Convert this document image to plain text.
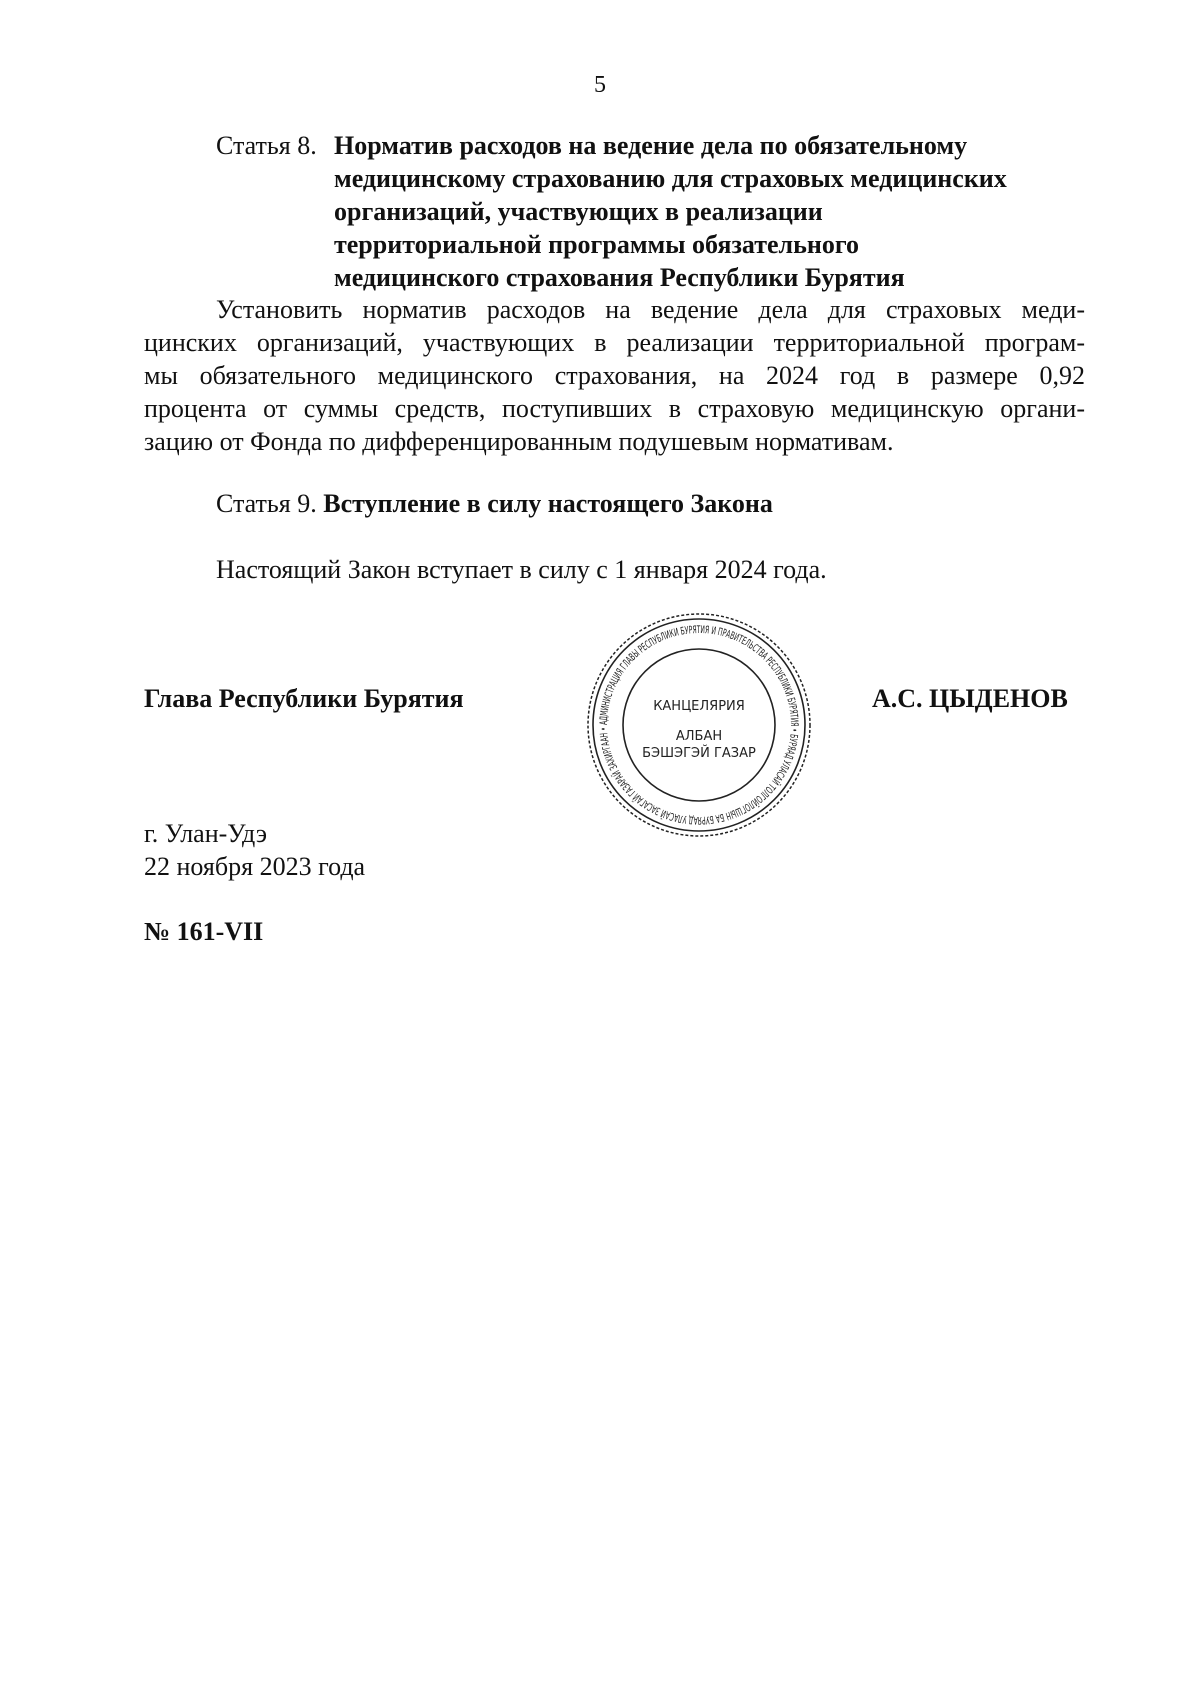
5
Статья 8. Норматив расходов на ведение дела по обязательному
медицинскому страхованию для страховых медицинских
организаций, участвующих в реализации
территориальной программы обязательного
медицинского страхования Республики Бурятия
Установить норматив расходов на ведение дела для страховых меди-
цинских организаций, участвующих в реализации территориальной програм-
мы обязательного медицинского страхования, на 2024 год в размере 0,92
процента от суммы средств, поступивших в страховую медицинскую органи-
зацию от Фонда по дифференцированным подушевым нормативам.
Статья 9. Вступление в силу настоящего Закона
Настоящий Закон вступает в силу с 1 января 2024 года.
Глава Республики Бурятия
АДМИНИСТРАЦИЯ ГЛАВЫ РЕСПУБЛИКИ БУРЯТИЯ И ПРАВИТЕЛЬСТВА РЕСПУБЛИКИ БУРЯТИЯ • БУРЯАД УЛАСАЙ ТОЛГОЙЛОГШЫН БА БУРЯАД УЛАСАЙ ЗАСАГАЙ ГАЗАРАЙ ЗАХИРГААН •
КАНЦЕЛЯРИЯ
АЛБАН
БЭШЭГЭЙ ГАЗАР
А.С. ЦЫДЕНОВ
г. Улан-Удэ
22 ноября 2023 года
№ 161-VII
